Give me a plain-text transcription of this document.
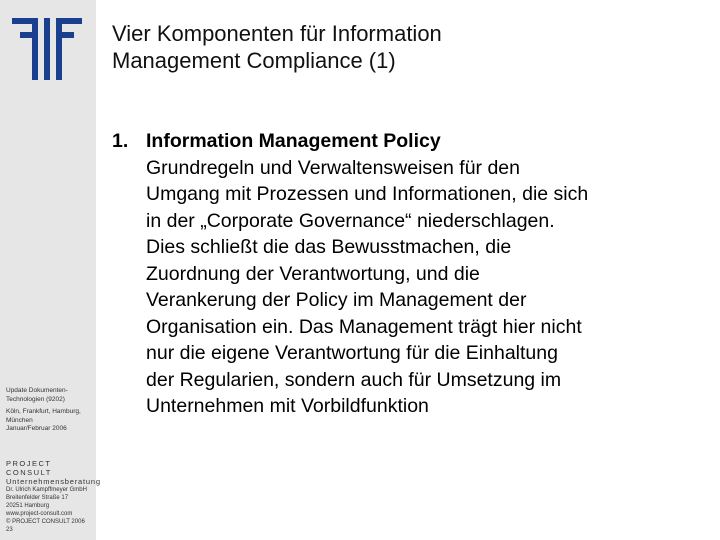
Update Dokumenten-
Technologien (9202)

Köln, Frankfurt, Hamburg,
München
Januar/Februar 2006

PROJECT CONSULT
Unternehmensberatung
Dr. Ulrich Kampffmeyer GmbH
Breitenfelder Straße 17
20251 Hamburg
www.project-consult.com
© PROJECT CONSULT 2006
23
Vier Komponenten für Information
Management Compliance (1)
1. Information Management Policy
Grundregeln und Verwaltensweisen für den
Umgang mit Prozessen und Informationen, die sich
in der „Corporate Governance“ niederschlagen.
Dies schließt die das Bewusstmachen, die
Zuordnung der Verantwortung, und die
Verankerung der Policy im Management der
Organisation ein. Das Management trägt hier nicht
nur die eigene Verantwortung für die Einhaltung
der Regularien, sondern auch für Umsetzung im
Unternehmen mit Vorbildfunktion
